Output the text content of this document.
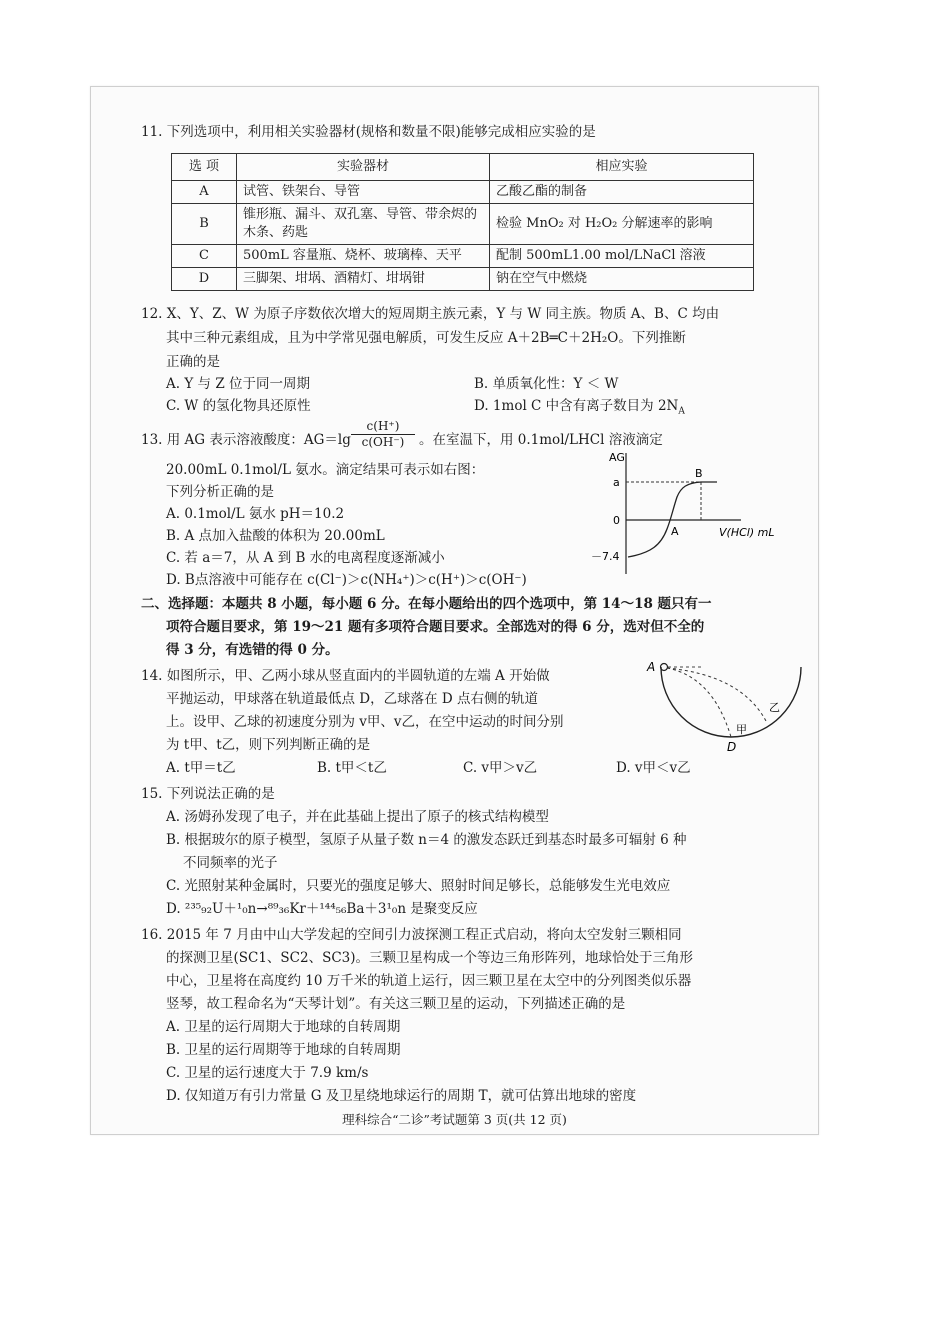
11. 下列选项中，利用相关实验器材(规格和数量不限)能够完成相应实验的是
选 项	实验器材	相应实验
A	试管、铁架台、导管	乙酸乙酯的制备
B	锥形瓶、漏斗、双孔塞、导管、带余烬的木条、药匙	检验 MnO₂ 对 H₂O₂ 分解速率的影响
C	500mL 容量瓶、烧杯、玻璃棒、天平	配制 500mL1.00 mol/LNaCl 溶液
D	三脚架、坩埚、酒精灯、坩埚钳	钠在空气中燃烧
12. X、Y、Z、W 为原子序数依次增大的短周期主族元素，Y 与 W 同主族。物质 A、B、C 均由
其中三种元素组成，且为中学常见强电解质，可发生反应 A＋2B═C＋2H₂O。下列推断
正确的是
A. Y 与 Z 位于同一周期	B. 单质氧化性：Y ＜ W
C. W 的氢化物具还原性	D. 1mol C 中含有离子数目为 $2N_A$
13. 用 AG 表示溶液酸度：$AG=\lg \frac{c(H^+)}{c(OH^-)}$ 。在室温下，用 0.1mol/LHCl 溶液滴定
20.00mL 0.1mol/L 氨水。滴定结果可表示如右图：
下列分析正确的是
A. 0.1mol/L 氨水 pH＝10.2
B. A 点加入盐酸的体积为 20.00mL
C. 若 a＝7，从 A 到 B 水的电离程度逐渐减小
D. B点溶液中可能存在 c(Cl⁻)＞c(NH₄⁺)＞c(H⁺)＞c(OH⁻)
AG
a
0
－7.4
V(HCl) mL
A
B
二、选择题：本题共 8 小题，每小题 6 分。在每小题给出的四个选项中，第 14～18 题只有一
项符合题目要求，第 19～21 题有多项符合题目要求。全部选对的得 6 分，选对但不全的
得 3 分，有选错的得 0 分。
14. 如图所示，甲、乙两小球从竖直面内的半圆轨道的左端 A 开始做
平抛运动，甲球落在轨道最低点 D，乙球落在 D 点右侧的轨道
上。设甲、乙球的初速度分别为 v甲、v乙，在空中运动的时间分别
为 t甲、t乙，则下列判断正确的是
A. t甲＝t乙	B. t甲＜t乙	C. v甲＞v乙	D. v甲＜v乙
A
D
甲
乙
15. 下列说法正确的是
A. 汤姆孙发现了电子，并在此基础上提出了原子的核式结构模型
B. 根据玻尔的原子模型，氢原子从量子数 n＝4 的激发态跃迁到基态时最多可辐射 6 种
不同频率的光子
C. 光照射某种金属时，只要光的强度足够大、照射时间足够长，总能够发生光电效应
D. ²³⁵₉₂U＋¹₀n→⁸⁹₃₆Kr＋¹⁴⁴₅₆Ba＋3¹₀n 是聚变反应
16. 2015 年 7 月由中山大学发起的空间引力波探测工程正式启动，将向太空发射三颗相同
的探测卫星(SC1、SC2、SC3)。三颗卫星构成一个等边三角形阵列，地球恰处于三角形
中心，卫星将在高度约 10 万千米的轨道上运行，因三颗卫星在太空中的分列图类似乐器
竖琴，故工程命名为“天琴计划”。有关这三颗卫星的运动，下列描述正确的是
A. 卫星的运行周期大于地球的自转周期
B. 卫星的运行周期等于地球的自转周期
C. 卫星的运行速度大于 7.9 km/s
D. 仅知道万有引力常量 G 及卫星绕地球运行的周期 T，就可估算出地球的密度
理科综合“二诊”考试题第 3 页(共 12 页)
